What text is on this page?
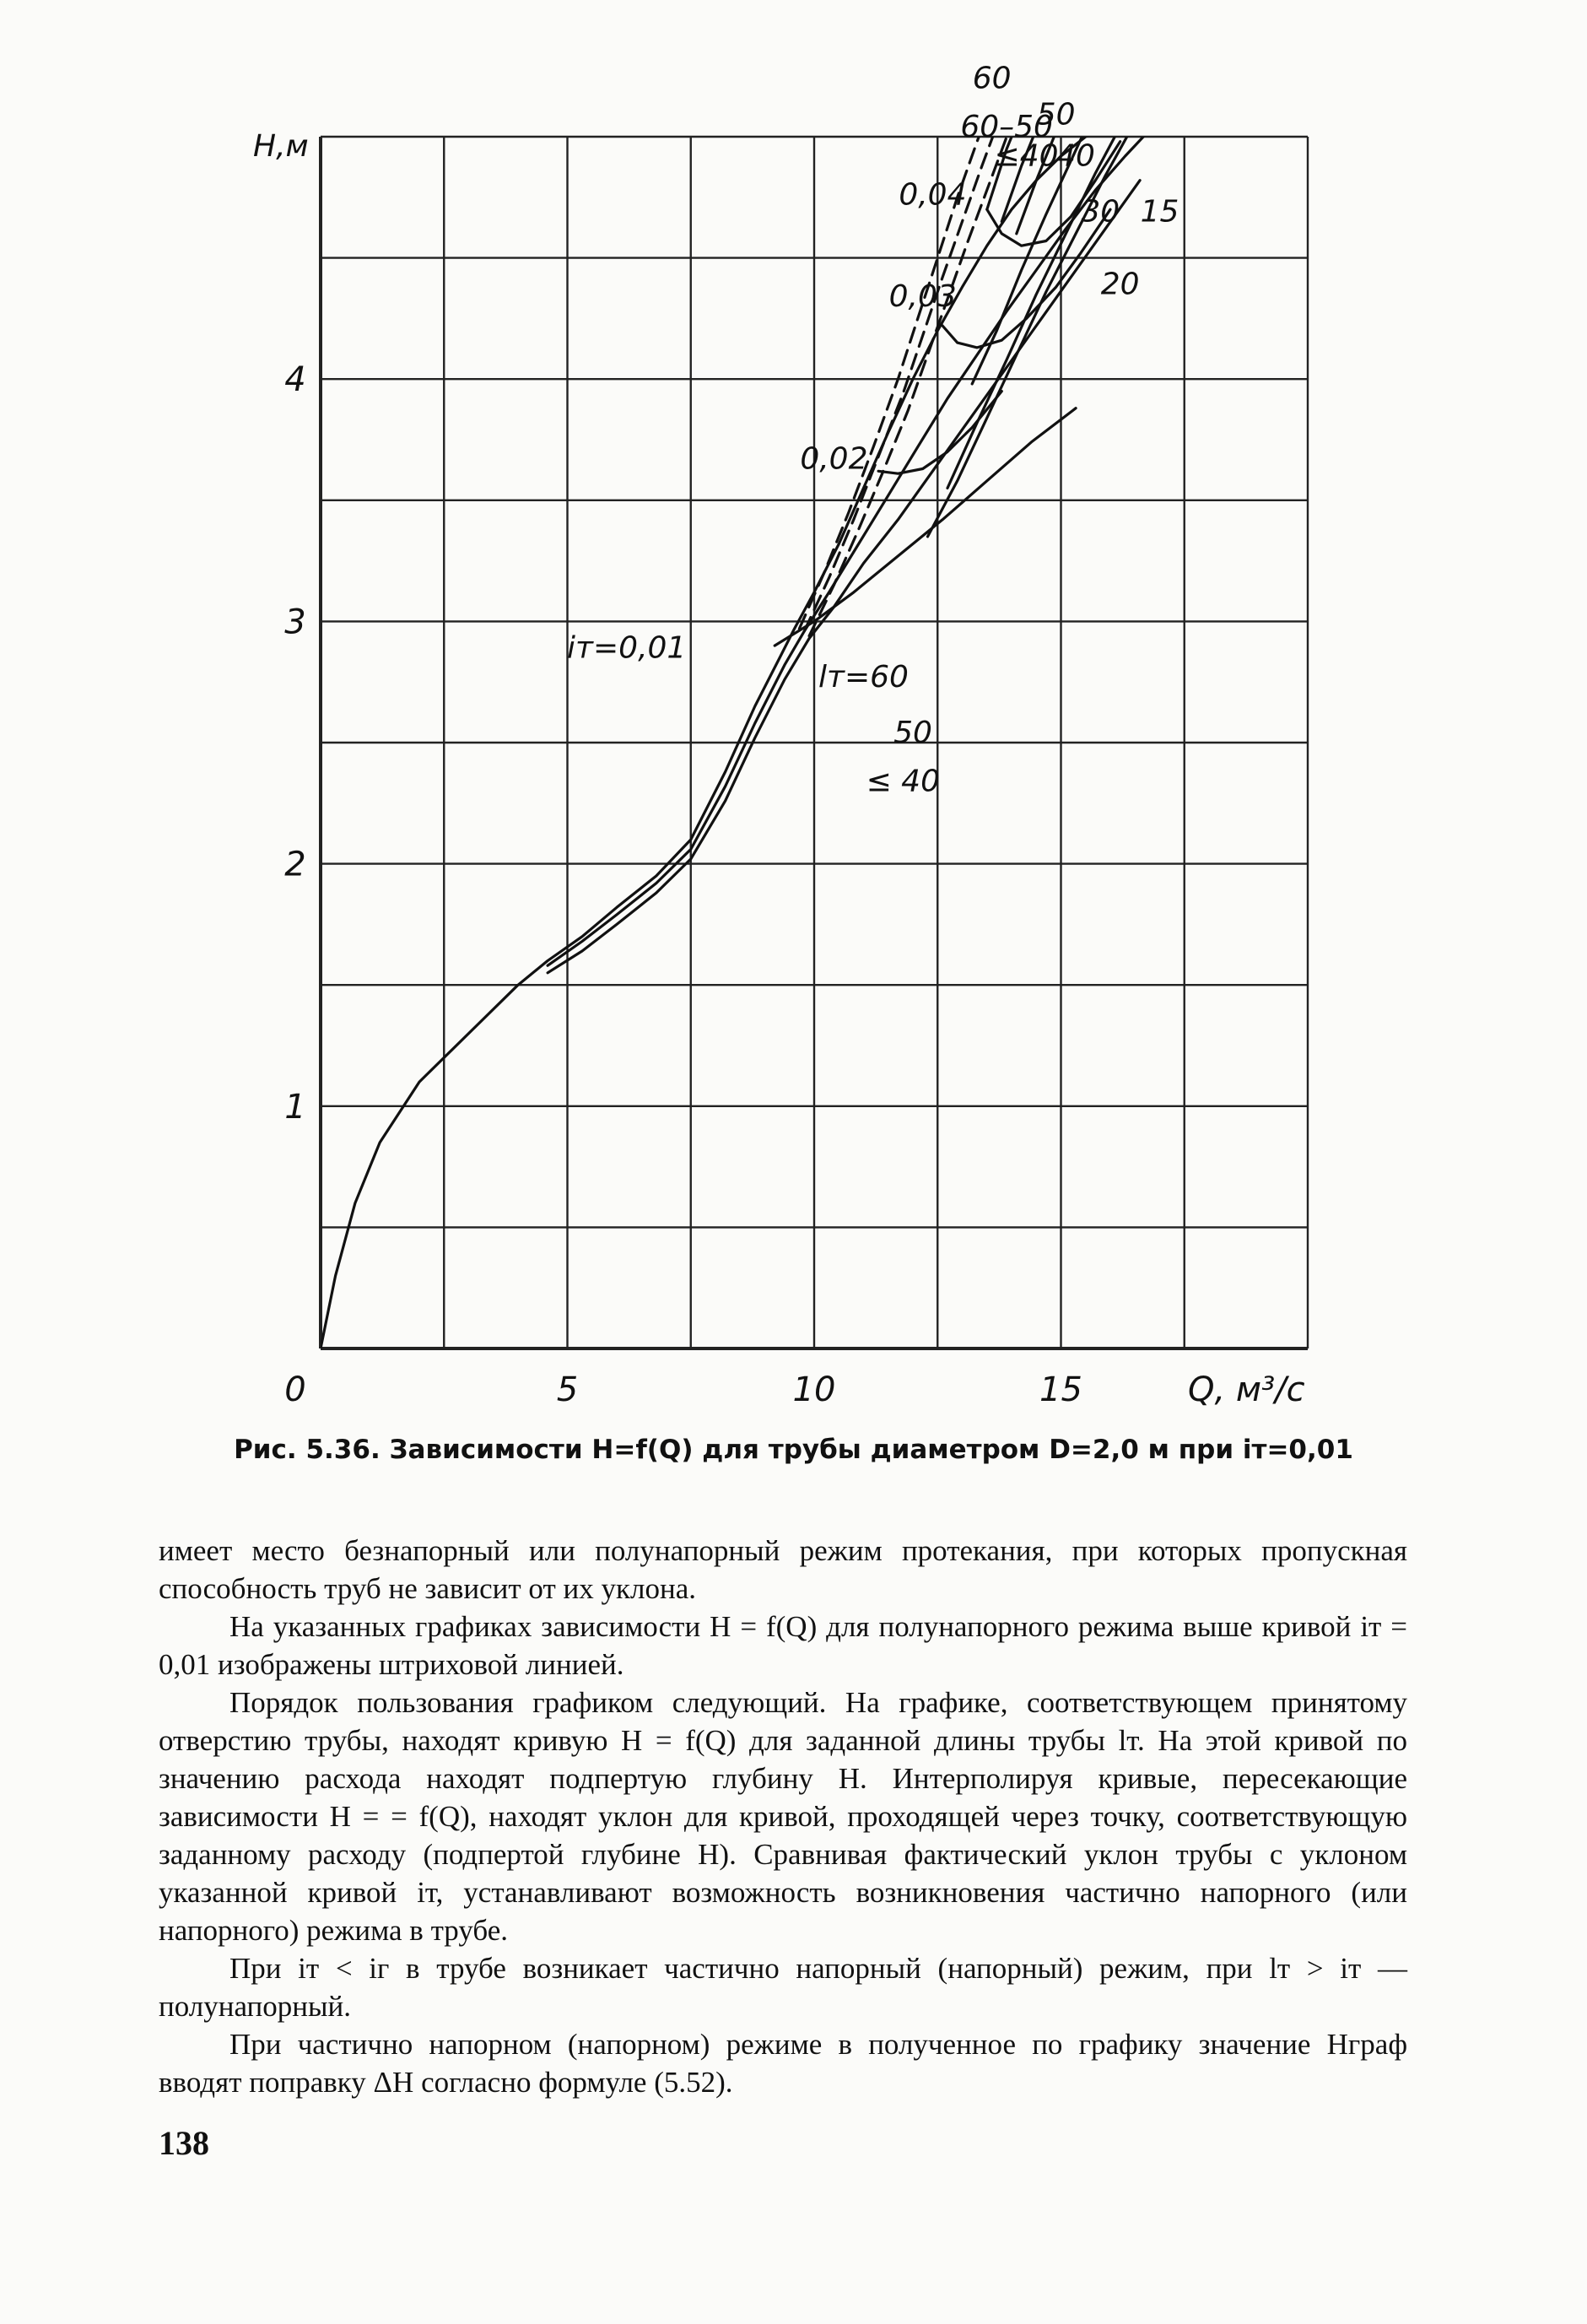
0	5	10	15
1
2
3
4
0,04
0,03
0,02
iт=0,01
lт=60
50
≤ 40
60
60–50
≤40
50
40
30
20
15
H,м
Q, м³/с
Рис. 5.36. Зависимости H=f(Q) для трубы диаметром D=2,0 м при iт=0,01

имеет место безнапорный или полунапорный режим протекания, при которых пропускная способность труб не зависит от их уклона.

На указанных графиках зависимости H = f(Q) для полунапорного режима выше кривой iт = 0,01 изображены штриховой линией.

Порядок пользования графиком следующий. На графике, соответствующем принятому отверстию трубы, находят кривую H = f(Q) для заданной длины трубы lт. На этой кривой по значению расхода находят подпертую глубину H. Интерполируя кривые, пересекающие зависимости H = = f(Q), находят уклон для кривой, проходящей через точку, соответствующую заданному расходу (подпертой глубине H). Сравнивая фактический уклон трубы с уклоном указанной кривой iт, устанавливают возможность возникновения частично напорного (или напорного) режима в трубе.

При iт < iг в трубе возникает частично напорный (напорный) режим, при lт > iт — полунапорный.

При частично напорном (напорном) режиме в полученное по графику значение Hграф вводят поправку ΔH согласно формуле (5.52).

138
